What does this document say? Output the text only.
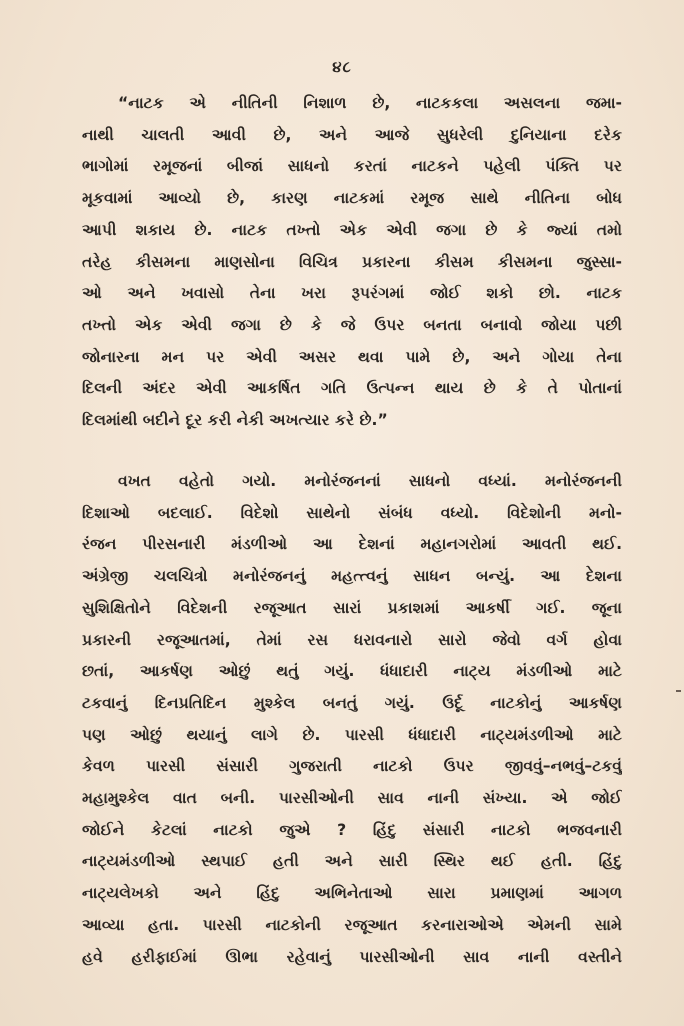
૪૮
“નાટક એ નીતિની નિશાળ છે, નાટકકલા અસલના જમા-
નાથી ચાલતી આવી છે, અને આજે સુધરેલી દુનિયાના દરેક
ભાગોમાં રમૂજનાં બીજાં સાધનો કરતાં નાટકને પહેલી પંક્તિ પર
મૂકવામાં આવ્યો છે, કારણ નાટકમાં રમૂજ સાથે નીતિના બોધ
આપી શકાય છે. નાટક તખ્તો એક એવી જગા છે કે જ્યાં તમો
તરેહ કીસમના માણસોના વિચિત્ર પ્રકારના કીસમ કીસમના જુસ્સા-
ઓ અને ખવાસો તેના ખરા રૂપરંગમાં જોઈ શકો છો. નાટક
તખ્તો એક એવી જગા છે કે જે ઉપર બનતા બનાવો જોયા પછી
જોનારના મન પર એવી અસર થવા પામે છે, અને ગોયા તેના
દિલની અંદર એવી આકર્ષિત ગતિ ઉત્પન્ન થાય છે કે તે પોતાનાં
દિલમાંથી બદીને દૂર કરી નેકી અખત્યાર કરે છે.”
વખત વહેતો ગયો. મનોરંજનનાં સાધનો વધ્યાં. મનોરંજનની
દિશાઓ બદલાઈ. વિદેશો સાથેનો સંબંધ વધ્યો. વિદેશોની મનો-
રંજન પીરસનારી મંડળીઓ આ દેશનાં મહાનગરોમાં આવતી થઈ.
અંગ્રેજી ચલચિત્રો મનોરંજનનું મહત્ત્વનું સાધન બન્યું. આ દેશના
સુશિક્ષિતોને વિદેશની રજૂઆત સારાં પ્રકાશમાં આકર્ષી ગઈ. જૂના
પ્રકારની રજૂઆતમાં, તેમાં રસ ધરાવનારો સારો જેવો વર્ગ હોવા
છતાં, આકર્ષણ ઓછું થતું ગયું. ધંધાદારી નાટ્ય મંડળીઓ માટે
ટકવાનું દિનપ્રતિદિન મુશ્કેલ બનતું ગયું. ઉર્દૂ નાટકોનું આકર્ષણ
પણ ઓછું થયાનું લાગે છે. પારસી ધંધાદારી નાટ્યમંડળીઓ માટે
કેવળ પારસી સંસારી ગુજરાતી નાટકો ઉપર જીવવું–નભવું–ટકવું
મહામુશ્કેલ વાત બની. પારસીઓની સાવ નાની સંખ્યા. એ જોઈ
જોઈને કેટલાં નાટકો જુએ ? હિંદુ સંસારી નાટકો ભજવનારી
નાટ્યમંડળીઓ સ્થપાઈ હતી અને સારી સ્થિર થઈ હતી. હિંદુ
નાટ્યલેખકો અને હિંદુ અભિનેતાઓ સારા પ્રમાણમાં આગળ
આવ્યા હતા. પારસી નાટકોની રજૂઆત કરનારાઓએ એમની સામે
હવે હરીફાઈમાં ઊભા રહેવાનું પારસીઓની સાવ નાની વસ્તીને
